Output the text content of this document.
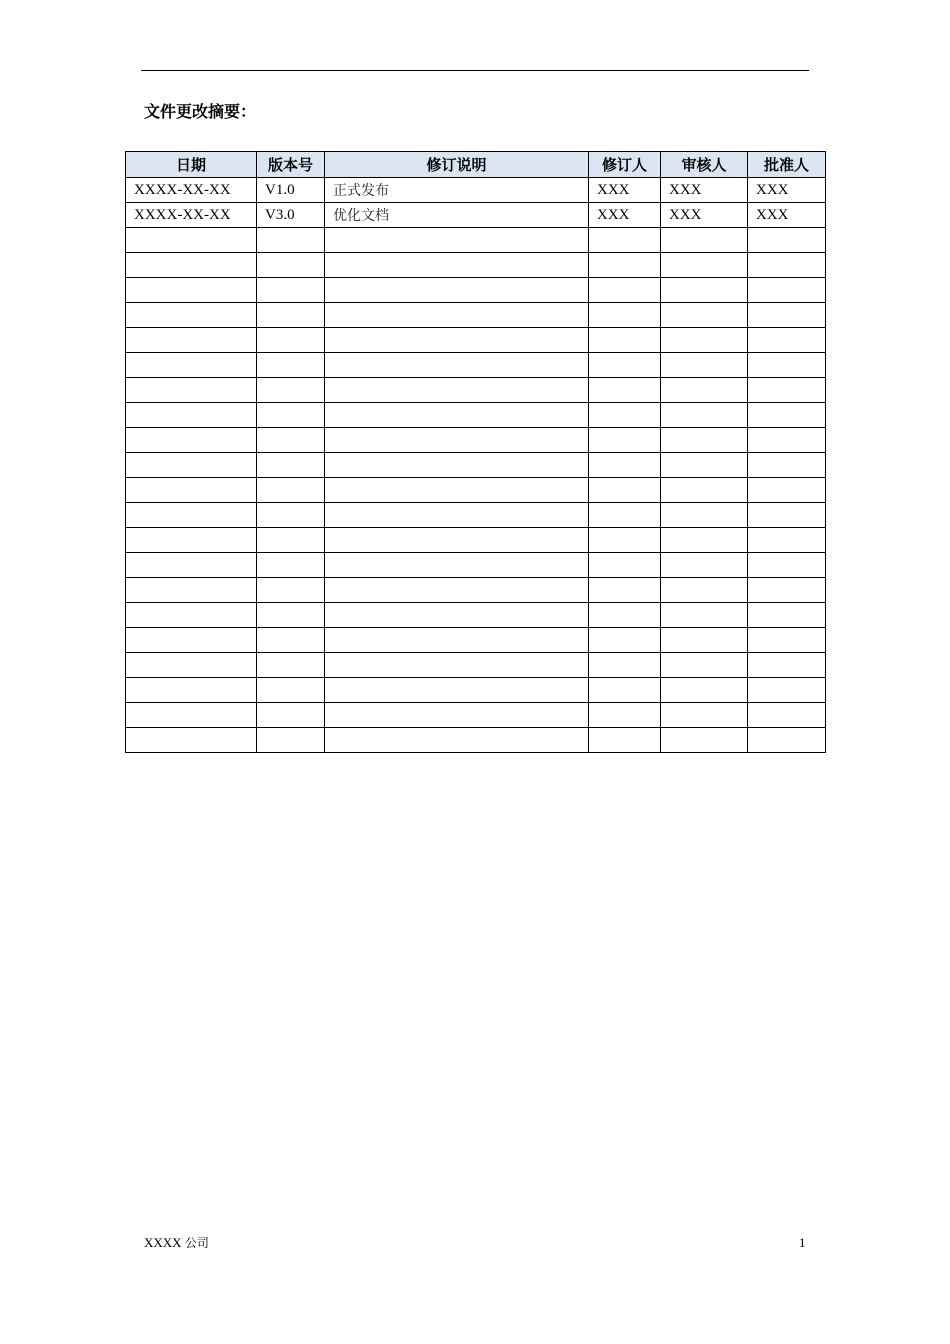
文件更改摘要：
日期	版本号	修订说明	修订人	审核人	批准人
XXXX-XX-XX	V1.0	正式发布	XXX	XXX	XXX
XXXX-XX-XX	V3.0	优化文档	XXX	XXX	XXX

XXXX 公司	1
